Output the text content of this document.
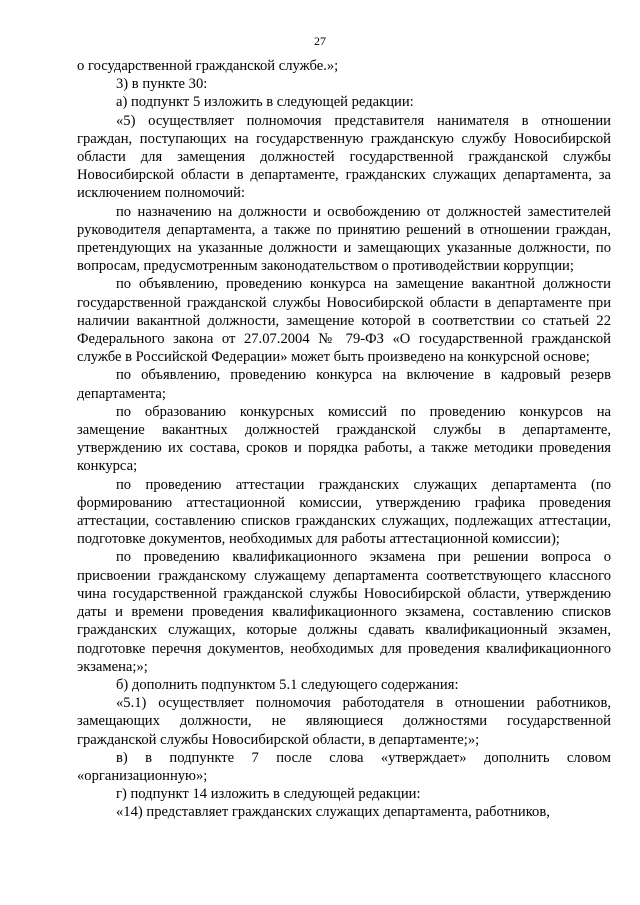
27

о государственной гражданской службе.»;

3) в пункте 30:

а) подпункт 5 изложить в следующей редакции:

«5) осуществляет полномочия представителя нанимателя в отношении граждан, поступающих на государственную гражданскую службу Новосибирской области для замещения должностей государственной гражданской службы Новосибирской области в департаменте, гражданских служащих департамента, за исключением полномочий:

по назначению на должности и освобождению от должностей заместителей руководителя департамента, а также по принятию решений в отношении граждан, претендующих на указанные должности и замещающих указанные должности, по вопросам, предусмотренным законодательством о противодействии коррупции;

по объявлению, проведению конкурса на замещение вакантной должности государственной гражданской службы Новосибирской области в департаменте при наличии вакантной должности, замещение которой в соответствии со статьей 22 Федерального закона от 27.07.2004 № 79-ФЗ «О государственной гражданской службе в Российской Федерации» может быть произведено на конкурсной основе;

по объявлению, проведению конкурса на включение в кадровый резерв департамента;

по образованию конкурсных комиссий по проведению конкурсов на замещение вакантных должностей гражданской службы в департаменте, утверждению их состава, сроков и порядка работы, а также методики проведения конкурса;

по проведению аттестации гражданских служащих департамента (по формированию аттестационной комиссии, утверждению графика проведения аттестации, составлению списков гражданских служащих, подлежащих аттестации, подготовке документов, необходимых для работы аттестационной комиссии);

по проведению квалификационного экзамена при решении вопроса о присвоении гражданскому служащему департамента соответствующего классного чина государственной гражданской службы Новосибирской области, утверждению даты и времени проведения квалификационного экзамена, составлению списков гражданских служащих, которые должны сдавать квалификационный экзамен, подготовке перечня документов, необходимых для проведения квалификационного экзамена;»;

б) дополнить подпунктом 5.1 следующего содержания:

«5.1) осуществляет полномочия работодателя в отношении работников, замещающих должности, не являющиеся должностями государственной гражданской службы Новосибирской области, в департаменте;»;

в) в подпункте 7 после слова «утверждает» дополнить словом «организационную»;

г) подпункт 14 изложить в следующей редакции:

«14) представляет гражданских служащих департамента, работников,
